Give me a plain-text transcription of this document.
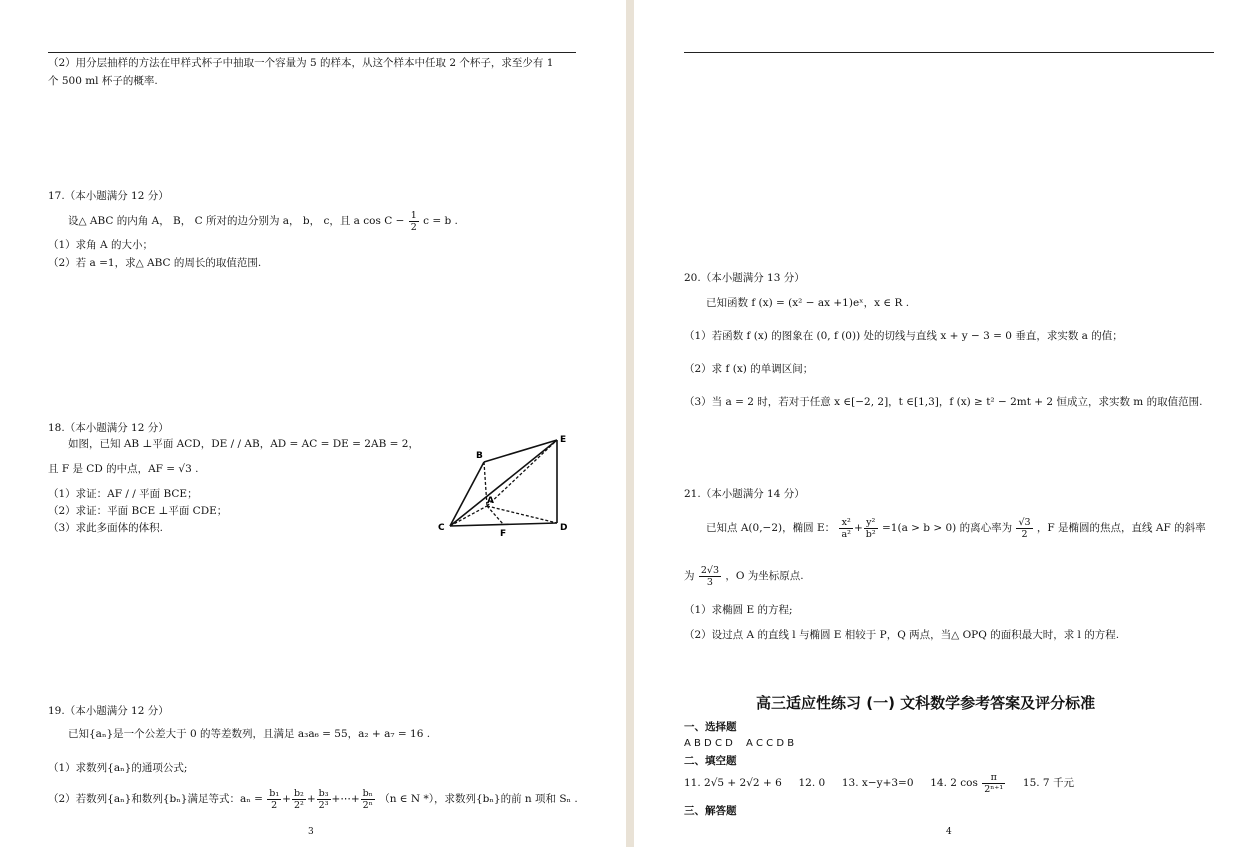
（2）用分层抽样的方法在甲样式杯子中抽取一个容量为 5 的样本，从这个样本中任取 2 个杯子，求至少有 1
个 500 ml 杯子的概率.
17.（本小题满分 12 分）
设△ ABC 的内角 A， B， C 所对的边分别为 a， b， c，且 a $\cos C - \frac{1}{2}$ c = b .
（1）求角 A 的大小；
（2）若 a =1，求△ ABC 的周长的取值范围.
18.（本小题满分 12 分）
如图，已知 AB ⊥平面 ACD，DE / / AB，AD = AC = DE = 2AB = 2，
且 F 是 CD 的中点，AF = √3 .
（1）求证：AF / / 平面 BCE；
（2）求证：平面 BCE ⊥平面 CDE；
（3）求此多面体的体积.
B
E
A
C
F
D
19.（本小题满分 12 分）
已知{aₙ}是一个公差大于 0 的等差数列，且满足 a₃a₆ = 55，a₂ + a₇ = 16 .
（1）求数列{aₙ}的通项公式;
（2）若数列{aₙ}和数列{bₙ}满足等式：$a_n = \frac{\text{b₁}}{2} + \frac{\text{b₂}}{\text{2²}} + \frac{\text{b₃}}{\text{2³}}$ +⋯+ $\frac{\text{bₙ}}{\text{2ⁿ}} (n$ ∈ N *），求数列{bₙ}的前 n 项和 Sₙ .
3
20.（本小题满分 13 分）
已知函数 f (x) = (x² − ax +1)eˣ，x ∈ R .
（1）若函数 f (x) 的图象在 (0, f (0)) 处的切线与直线 x + y − 3 = 0 垂直，求实数 a 的值；
（2）求 f (x) 的单调区间；
（3）当 a = 2 时，若对于任意 x ∈[−2, 2]，t ∈[1,3]，f (x) ≥ t² − 2mt + 2 恒成立，求实数 m 的取值范围.
21.（本小题满分 14 分）
已知点 A(0,−2)，椭圆 E： $\frac{\text{x²}}{\text{a²}} + \frac{\text{y²}}{\text{b²}} =1(a > b > 0)$ 的离心率为 $\frac{√3}{2}$ ，F 是椭圆的焦点，直线 AF 的斜率
为 $\frac{2√3}{3}$ ，O 为坐标原点.
（1）求椭圆 E 的方程;
（2）设过点 A 的直线 l 与椭圆 E 相较于 P，Q 两点，当△ OPQ 的面积最大时，求 l 的方程.
高三适应性练习 (一) 文科数学参考答案及评分标准
一、选择题
A B D C D　 A C C D B
二、填空题
11. 2√5 + 2√2 + 6 12. 0 13. x−y+3=0 14. 2 $\cos \frac{\pi}{\text{2ⁿ⁺¹}} 15$. 7 千元
三、解答题
4
